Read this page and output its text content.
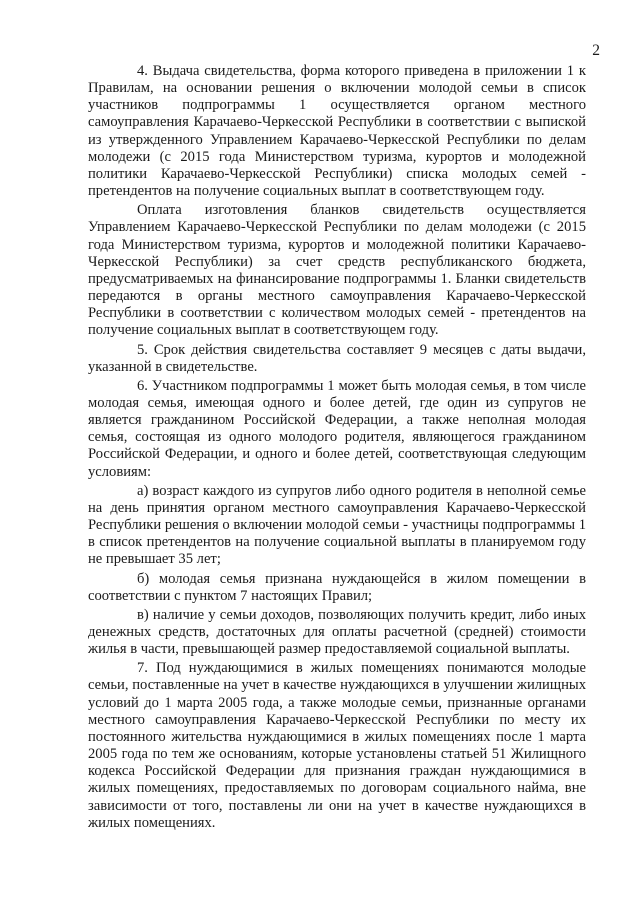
2

4. Выдача свидетельства, форма которого приведена в приложении 1 к Правилам, на основании решения о включении молодой семьи в список участников подпрограммы 1 осуществляется органом местного самоуправления Карачаево-Черкесской Республики в соответствии с выпиской из утвержденного Управлением Карачаево-Черкесской Республики по делам молодежи (с 2015 года Министерством туризма, курортов и молодежной политики Карачаево-Черкесской Республики) списка молодых семей - претендентов на получение социальных выплат в соответствующем году.

Оплата изготовления бланков свидетельств осуществляется Управлением Карачаево-Черкесской Республики по делам молодежи (с 2015 года Министерством туризма, курортов и молодежной политики Карачаево-Черкесской Республики) за счет средств республиканского бюджета, предусматриваемых на финансирование подпрограммы 1. Бланки свидетельств передаются в органы местного самоуправления Карачаево-Черкесской Республики в соответствии с количеством молодых семей - претендентов на получение социальных выплат в соответствующем году.

5. Срок действия свидетельства составляет 9 месяцев с даты выдачи, указанной в свидетельстве.

6. Участником подпрограммы 1 может быть молодая семья, в том числе молодая семья, имеющая одного и более детей, где один из супругов не является гражданином Российской Федерации, а также неполная молодая семья, состоящая из одного молодого родителя, являющегося гражданином Российской Федерации, и одного и более детей, соответствующая следующим условиям:

а) возраст каждого из супругов либо одного родителя в неполной семье на день принятия органом местного самоуправления Карачаево-Черкесской Республики решения о включении молодой семьи - участницы подпрограммы 1 в список претендентов на получение социальной выплаты в планируемом году не превышает 35 лет;

б) молодая семья признана нуждающейся в жилом помещении в соответствии с пунктом 7 настоящих Правил;

в) наличие у семьи доходов, позволяющих получить кредит, либо иных денежных средств, достаточных для оплаты расчетной (средней) стоимости жилья в части, превышающей размер предоставляемой социальной выплаты.

7. Под нуждающимися в жилых помещениях понимаются молодые семьи, поставленные на учет в качестве нуждающихся в улучшении жилищных условий до 1 марта 2005 года, а также молодые семьи, признанные органами местного самоуправления Карачаево-Черкесской Республики по месту их постоянного жительства нуждающимися в жилых помещениях после 1 марта 2005 года по тем же основаниям, которые установлены статьей 51 Жилищного кодекса Российской Федерации для признания граждан нуждающимися в жилых помещениях, предоставляемых по договорам социального найма, вне зависимости от того, поставлены ли они на учет в качестве нуждающихся в жилых помещениях.
